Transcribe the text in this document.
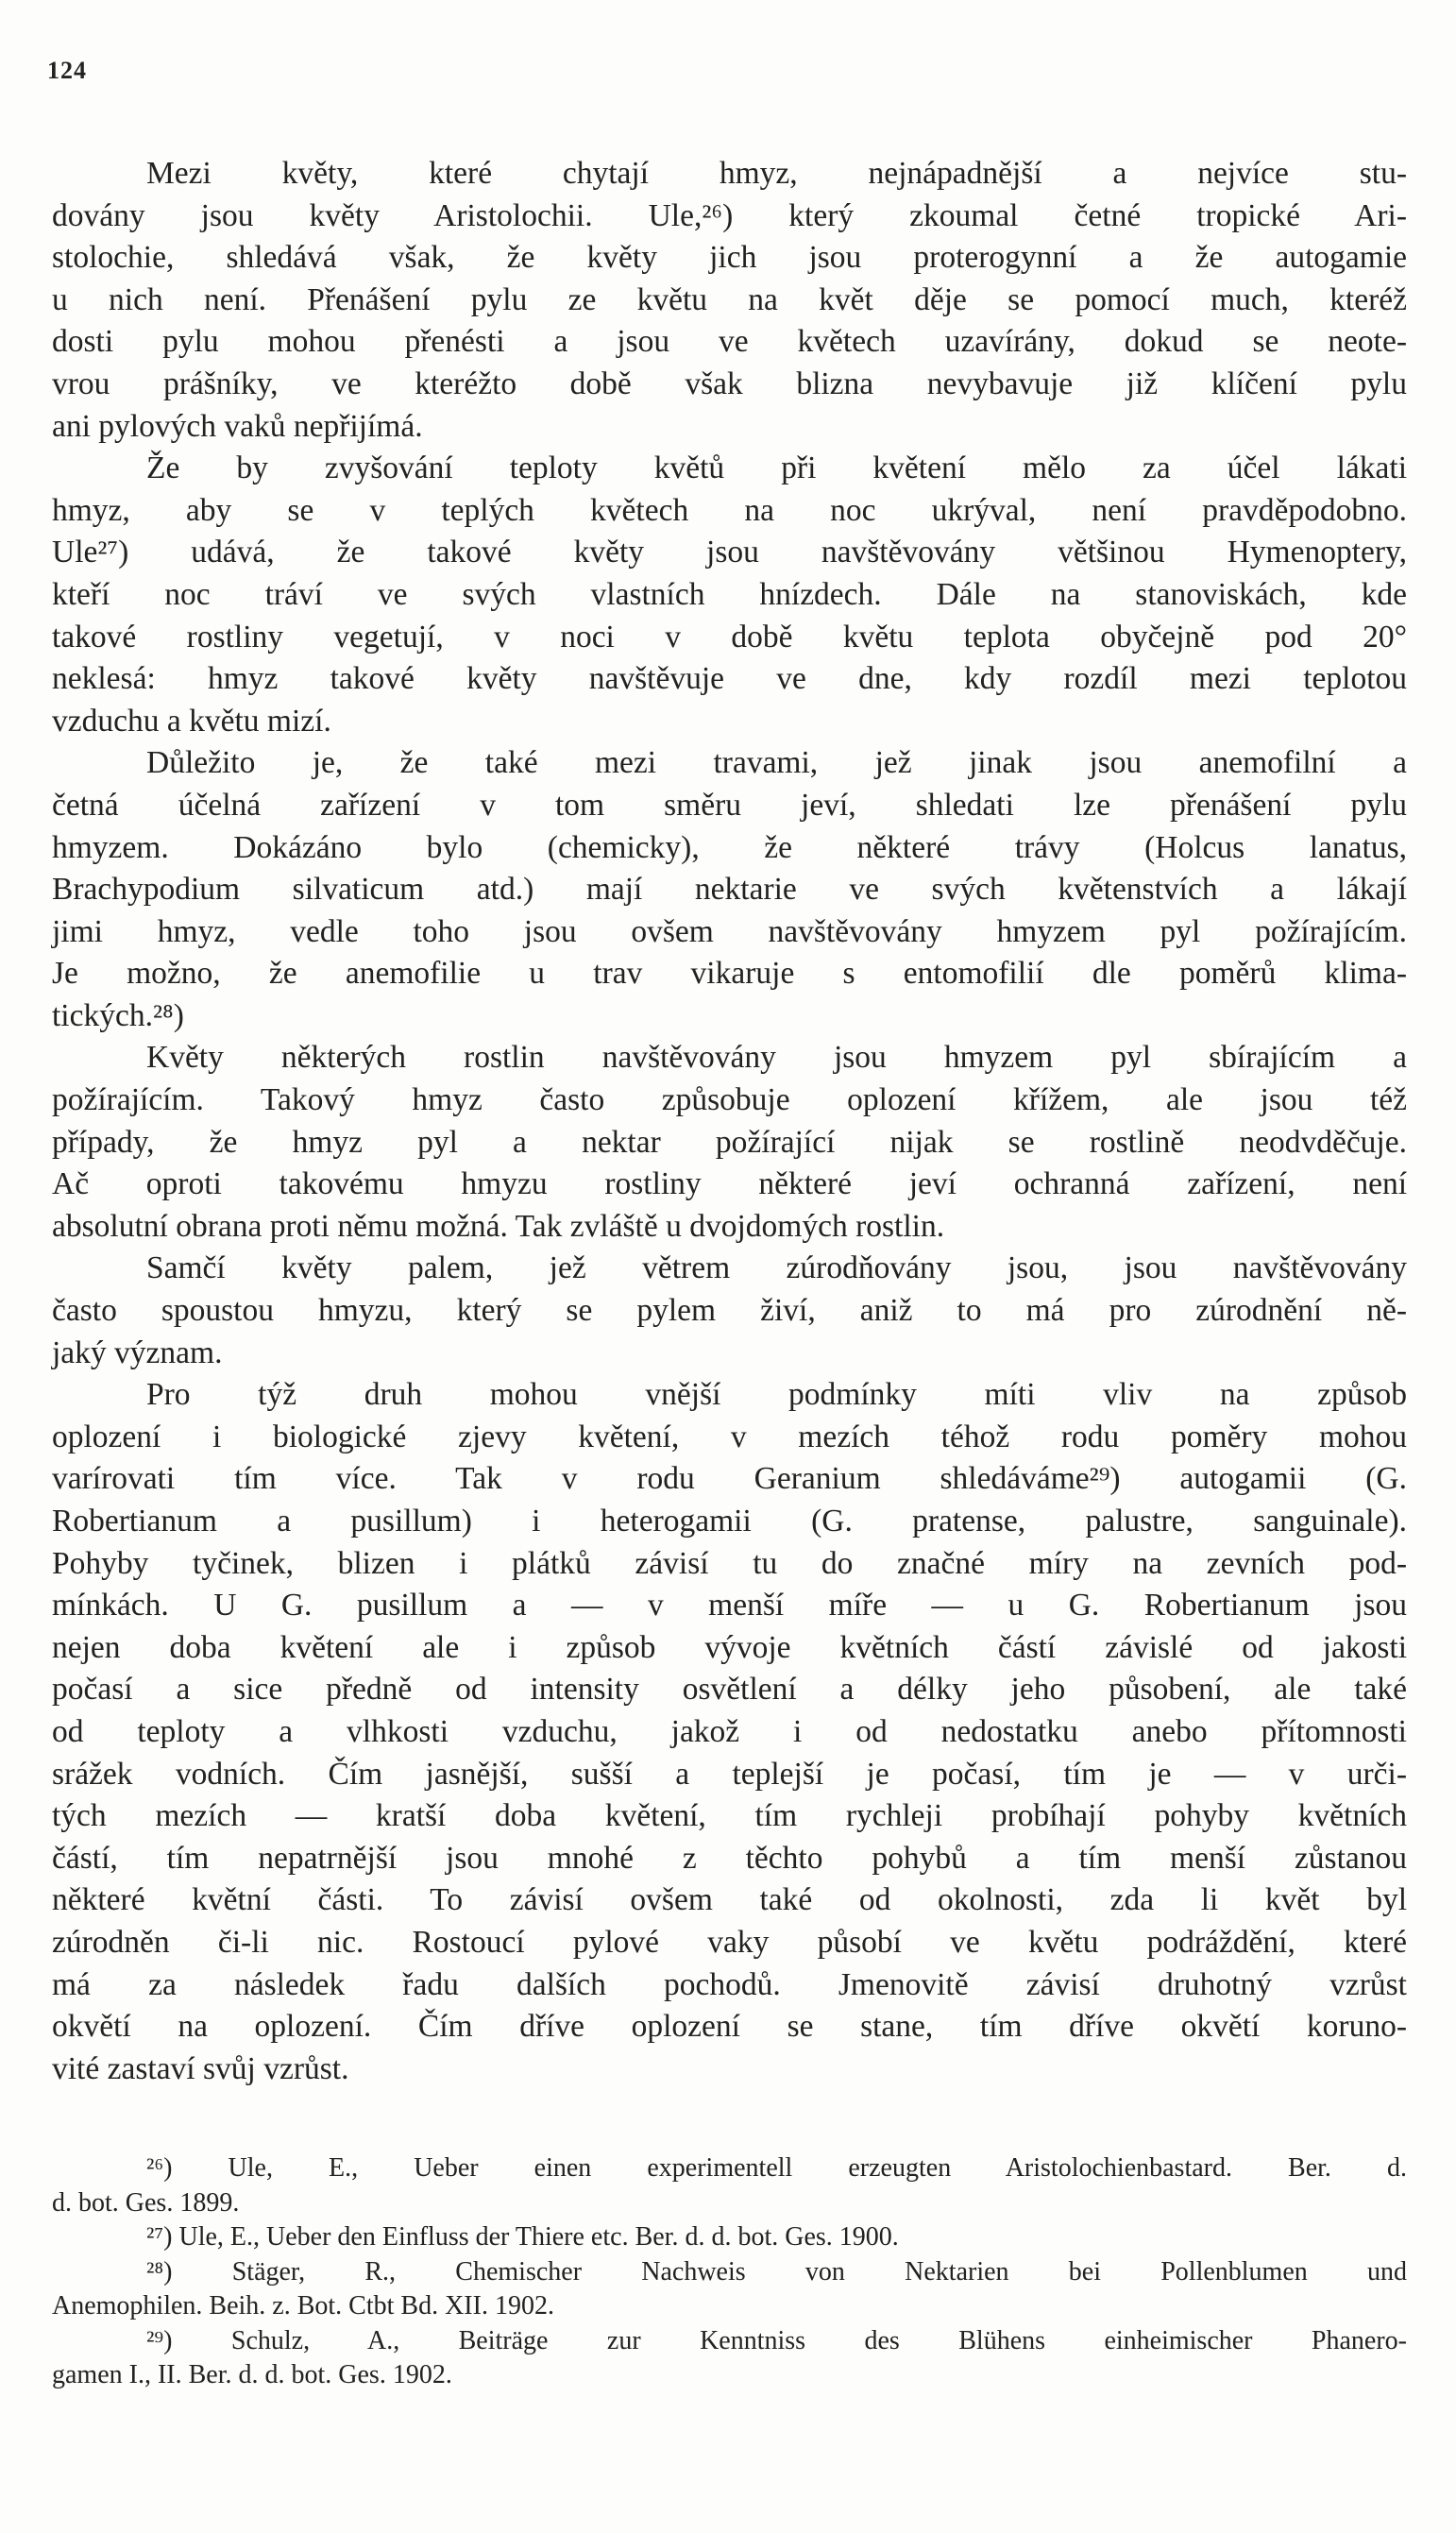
124
Mezi květy, které chytají hmyz, nejnápadnější a nejvíce stu-
dovány jsou květy Aristolochii. Ule,²⁶) který zkoumal četné tropické Ari-
stolochie, shledává však, že květy jich jsou proterogynní a že autogamie
u nich není. Přenášení pylu ze květu na květ děje se pomocí much, kteréž
dosti pylu mohou přenésti a jsou ve květech uzavírány, dokud se neote-
vrou prášníky, ve kteréžto době však blizna nevybavuje již klíčení pylu
ani pylových vaků nepřijímá.
Že by zvyšování teploty květů při květení mělo za účel lákati
hmyz, aby se v teplých květech na noc ukrýval, není pravděpodobno.
Ule²⁷) udává, že takové květy jsou navštěvovány většinou Hymenoptery,
kteří noc tráví ve svých vlastních hnízdech. Dále na stanoviskách, kde
takové rostliny vegetují, v noci v době květu teplota obyčejně pod 20°
neklesá: hmyz takové květy navštěvuje ve dne, kdy rozdíl mezi teplotou
vzduchu a květu mizí.
Důležito je, že také mezi travami, jež jinak jsou anemofilní a
četná účelná zařízení v tom směru jeví, shledati lze přenášení pylu
hmyzem. Dokázáno bylo (chemicky), že některé trávy (Holcus lanatus,
Brachypodium silvaticum atd.) mají nektarie ve svých květenstvích a lákají
jimi hmyz, vedle toho jsou ovšem navštěvovány hmyzem pyl požírajícím.
Je možno, že anemofilie u trav vikaruje s entomofilií dle poměrů klima-
tických.²⁸)
Květy některých rostlin navštěvovány jsou hmyzem pyl sbírajícím a
požírajícím. Takový hmyz často způsobuje oplození křížem, ale jsou též
případy, že hmyz pyl a nektar požírající nijak se rostlině neodvděčuje.
Ač oproti takovému hmyzu rostliny některé jeví ochranná zařízení, není
absolutní obrana proti němu možná. Tak zvláště u dvojdomých rostlin.
Samčí květy palem, jež větrem zúrodňovány jsou, jsou navštěvovány
často spoustou hmyzu, který se pylem živí, aniž to má pro zúrodnění ně-
jaký význam.
Pro týž druh mohou vnější podmínky míti vliv na způsob
oplození i biologické zjevy květení, v mezích téhož rodu poměry mohou
varírovati tím více. Tak v rodu Geranium shledáváme²⁹) autogamii (G.
Robertianum a pusillum) i heterogamii (G. pratense, palustre, sanguinale).
Pohyby tyčinek, blizen i plátků závisí tu do značné míry na zevních pod-
mínkách. U G. pusillum a — v menší míře — u G. Robertianum jsou
nejen doba květení ale i způsob vývoje květních částí závislé od jakosti
počasí a sice předně od intensity osvětlení a délky jeho působení, ale také
od teploty a vlhkosti vzduchu, jakož i od nedostatku anebo přítomnosti
srážek vodních. Čím jasnější, sušší a teplejší je počasí, tím je — v urči-
tých mezích — kratší doba květení, tím rychleji probíhají pohyby květních
částí, tím nepatrnější jsou mnohé z těchto pohybů a tím menší zůstanou
některé květní části. To závisí ovšem také od okolnosti, zda li květ byl
zúrodněn či-li nic. Rostoucí pylové vaky působí ve květu podráždění, které
má za následek řadu dalších pochodů. Jmenovitě závisí druhotný vzrůst
okvětí na oplození. Čím dříve oplození se stane, tím dříve okvětí koruno-
vité zastaví svůj vzrůst.
²⁶) Ule, E., Ueber einen experimentell erzeugten Aristolochienbastard. Ber. d.
d. bot. Ges. 1899.
²⁷) Ule, E., Ueber den Einfluss der Thiere etc. Ber. d. d. bot. Ges. 1900.
²⁸) Stäger, R., Chemischer Nachweis von Nektarien bei Pollenblumen und
Anemophilen. Beih. z. Bot. Ctbt Bd. XII. 1902.
²⁹) Schulz, A., Beiträge zur Kenntniss des Blühens einheimischer Phanero-
gamen I., II. Ber. d. d. bot. Ges. 1902.
